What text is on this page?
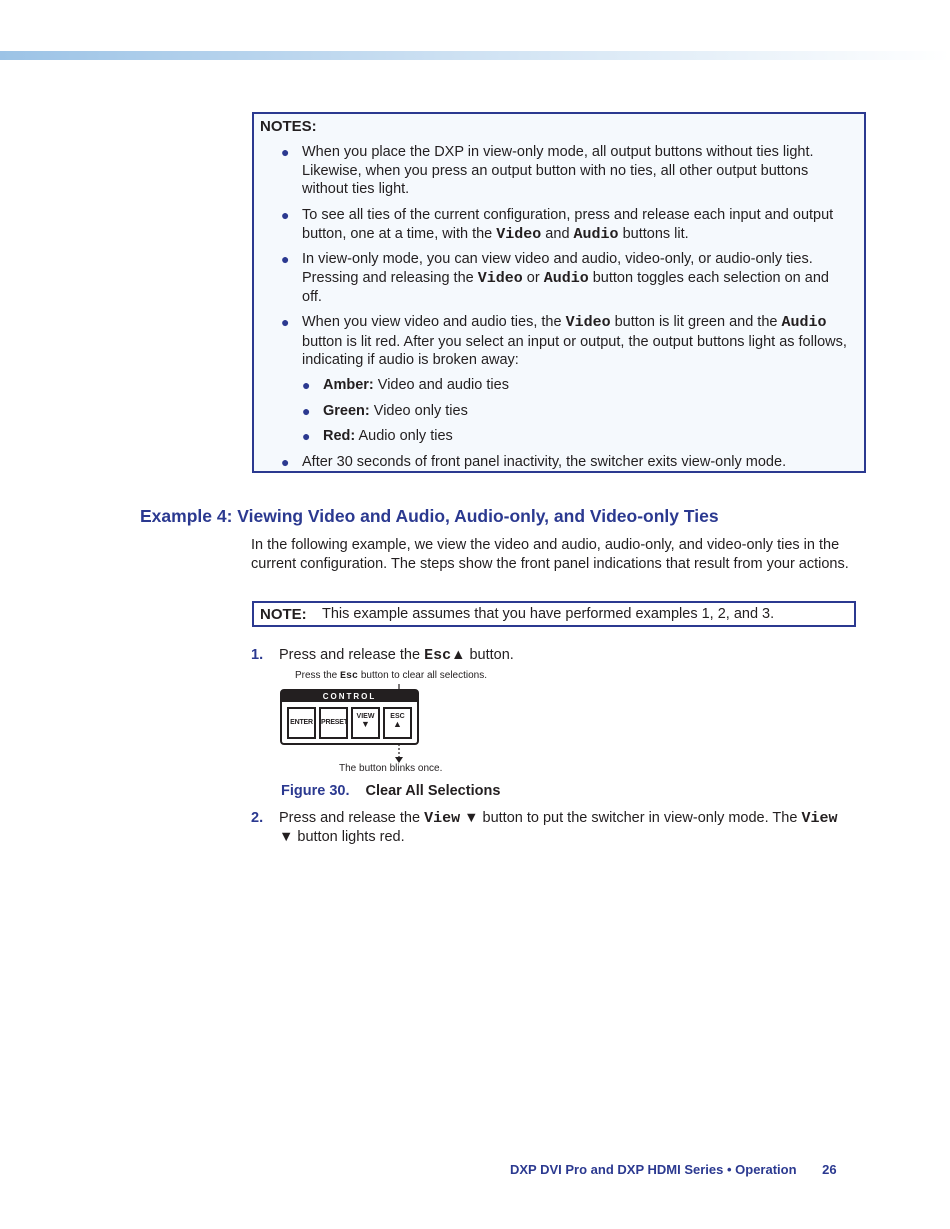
NOTES:
● When you place the DXP in view-only mode, all output buttons without ties light. Likewise, when you press an output button with no ties, all other output buttons without ties light.
● To see all ties of the current configuration, press and release each input and output button, one at a time, with the Video and Audio buttons lit.
● In view-only mode, you can view video and audio, video-only, or audio-only ties. Pressing and releasing the Video or Audio button toggles each selection on and off.
● When you view video and audio ties, the Video button is lit green and the Audio button is lit red. After you select an input or output, the output buttons light as follows, indicating if audio is broken away:
● Amber: Video and audio ties
● Green: Video only ties
● Red: Audio only ties
● After 30 seconds of front panel inactivity, the switcher exits view-only mode.
Example 4: Viewing Video and Audio, Audio-only, and Video-only Ties
In the following example, we view the video and audio, audio-only, and video-only ties in the current configuration. The steps show the front panel indications that result from your actions.
NOTE: This example assumes that you have performed examples 1, 2, and 3.
1. Press and release the Esc▲ button.
Press the Esc button to clear all selections.
CONTROL
ENTER PRESET
VIEW
▼
ESC
▲
The button blinks once.
Figure 30. Clear All Selections
2. Press and release the View ▼ button to put the switcher in view-only mode. The View ▼ button lights red.
DXP DVI Pro and DXP HDMI Series • Operation 26
